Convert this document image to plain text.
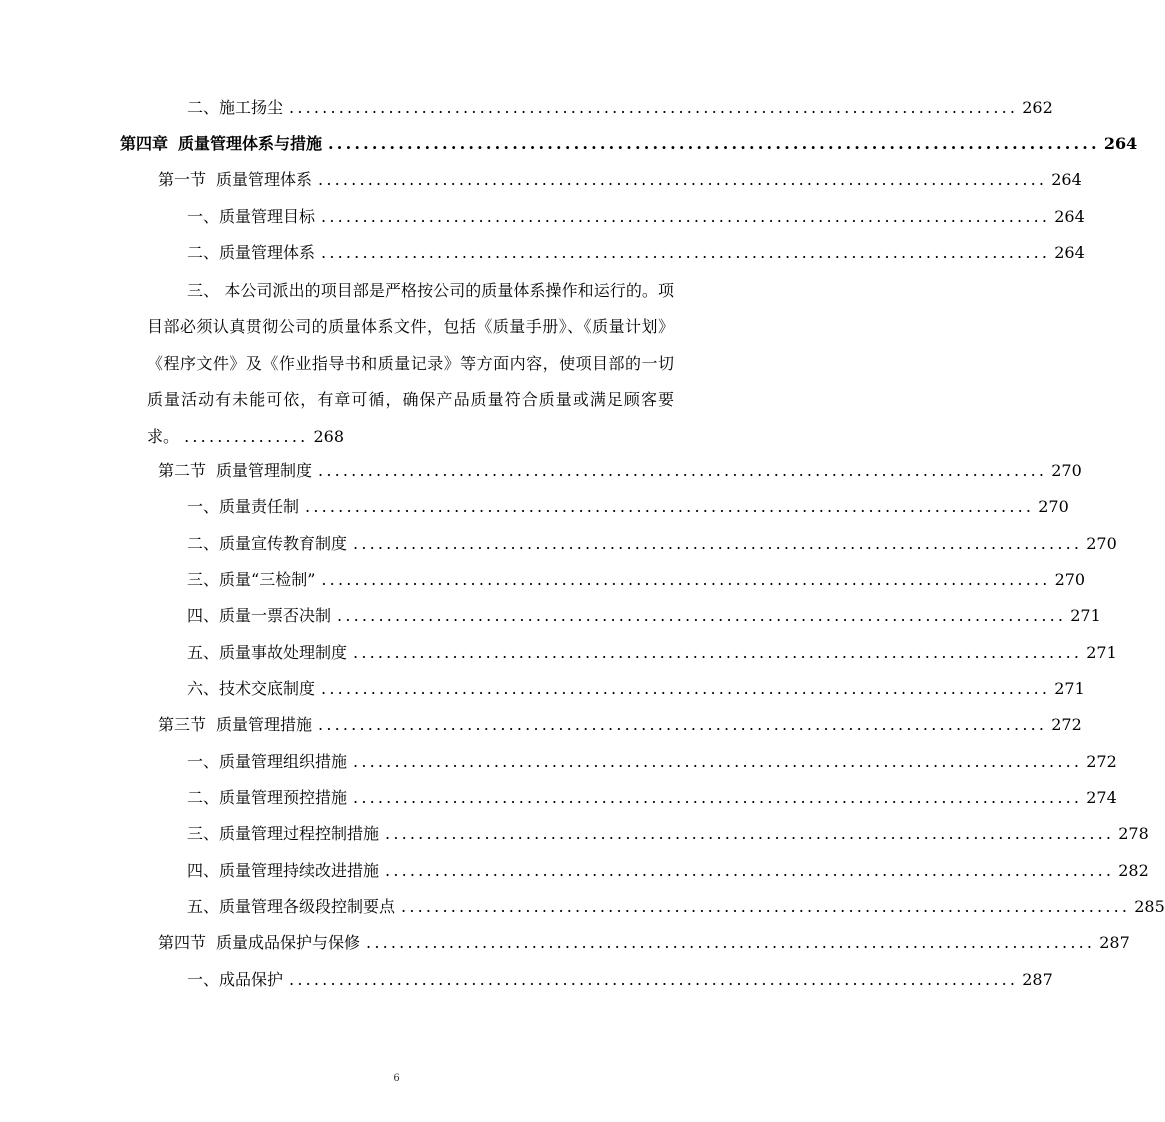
二、 施工扬尘 ........................................................................................ 262
第四章 质量管理体系与措施 ........................................................................................ 264
第一节 质量管理体系 ........................................................................................ 264
一、 质量管理目标 ........................................................................................ 264
二、 质量管理体系 ........................................................................................ 264
三、 本公司派出的项目部是严格按公司的质量体系操作和运行的。项目部必须认真贯彻公司的质量体系文件，包括《质量手册》、《质量计划》《程序文件》及《作业指导书和质量记录》等方面内容，使项目部的一切质量活动有未能可依，有章可循，确保产品质量符合质量或满足顾客要求。 ............... 268
第二节 质量管理制度 ........................................................................................ 270
一、 质量责任制 ........................................................................................ 270
二、 质量宣传教育制度 ........................................................................................ 270
三、 质量“三检制” ........................................................................................ 270
四、 质量一票否决制 ........................................................................................ 271
五、 质量事故处理制度 ........................................................................................ 271
六、 技术交底制度 ........................................................................................ 271
第三节 质量管理措施 ........................................................................................ 272
一、 质量管理组织措施 ........................................................................................ 272
二、 质量管理预控措施 ........................................................................................ 274
三、 质量管理过程控制措施 ........................................................................................ 278
四、 质量管理持续改进措施 ........................................................................................ 282
五、 质量管理各级段控制要点 ........................................................................................ 285
第四节 质量成品保护与保修 ........................................................................................ 287
一、 成品保护 ........................................................................................ 287
6
